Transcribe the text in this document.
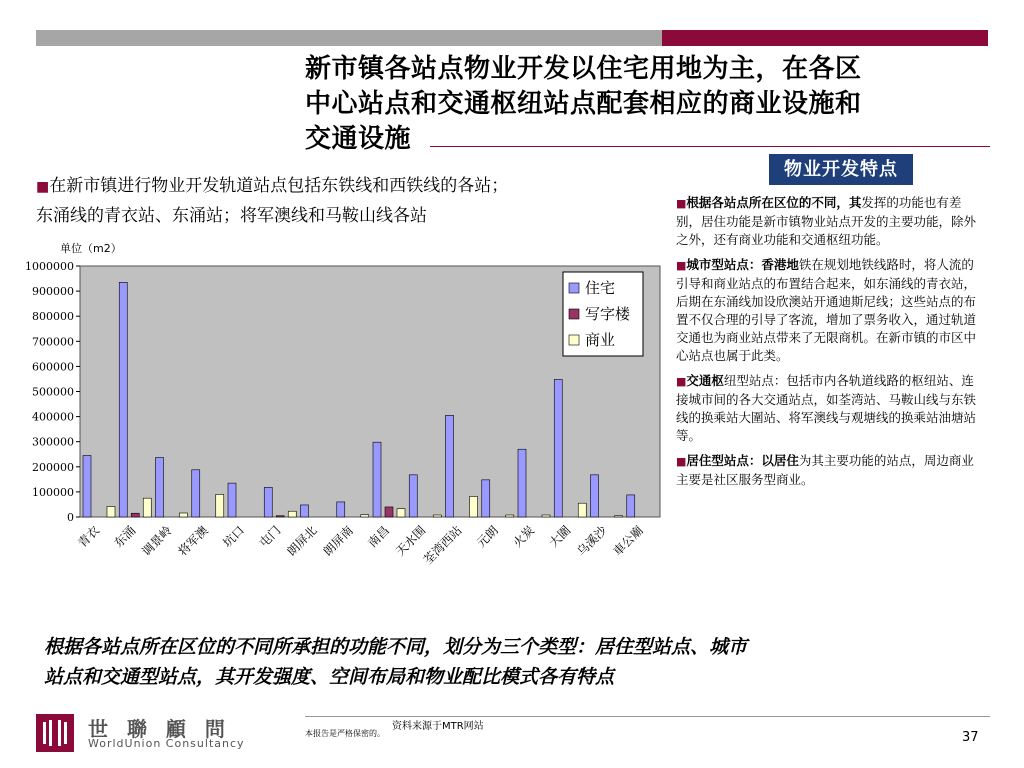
新市镇各站点物业开发以住宅用地为主，在各区
中心站点和交通枢纽站点配套相应的商业设施和
交通设施
■在新市镇进行物业开发轨道站点包括东铁线和西铁线的各站；
东涌线的青衣站、东涌站；将军澳线和马鞍山线各站
物业开发特点

■根据各站点所在区位的不同，其发挥的功能也有差别，居住功能是新市镇物业站点开发的主要功能，除外之外，还有商业功能和交通枢纽功能。

■城市型站点：香港地铁在规划地铁线路时，将人流的引导和商业站点的布置结合起来，如东涌线的青衣站，后期在东涌线加设欣澳站开通迪斯尼线；这些站点的布置不仅合理的引导了客流，增加了票务收入，通过轨道交通也为商业站点带来了无限商机。在新市镇的市区中心站点也属于此类。

■交通枢纽型站点：包括市内各轨道线路的枢纽站、连接城市间的各大交通站点，如荃湾站、马鞍山线与东铁线的换乘站大圍站、将军澳线与观塘线的换乘站油塘站等。

■居住型站点：以居住为其主要功能的站点，周边商业主要是社区服务型商业。

单位（m2）
0
100000
200000
300000
400000
500000
600000
700000
800000
900000
1000000
青衣 东涌 调景岭 将军澳 坑口 屯门 朗屏北 朗屏南 南昌 天水围
荃湾西站 元朗 火炭 大圍 乌溪沙 車公廟
住宅
写字楼
商业
根据各站点所在区位的不同所承担的功能不同，划分为三个类型：居住型站点、城市
站点和交通型站点，其开发强度、空间布局和物业配比模式各有特点
世 聯 顧 問
WorldUnion Consultancy
资料来源于MTR网站
本报告是严格保密的。	37
